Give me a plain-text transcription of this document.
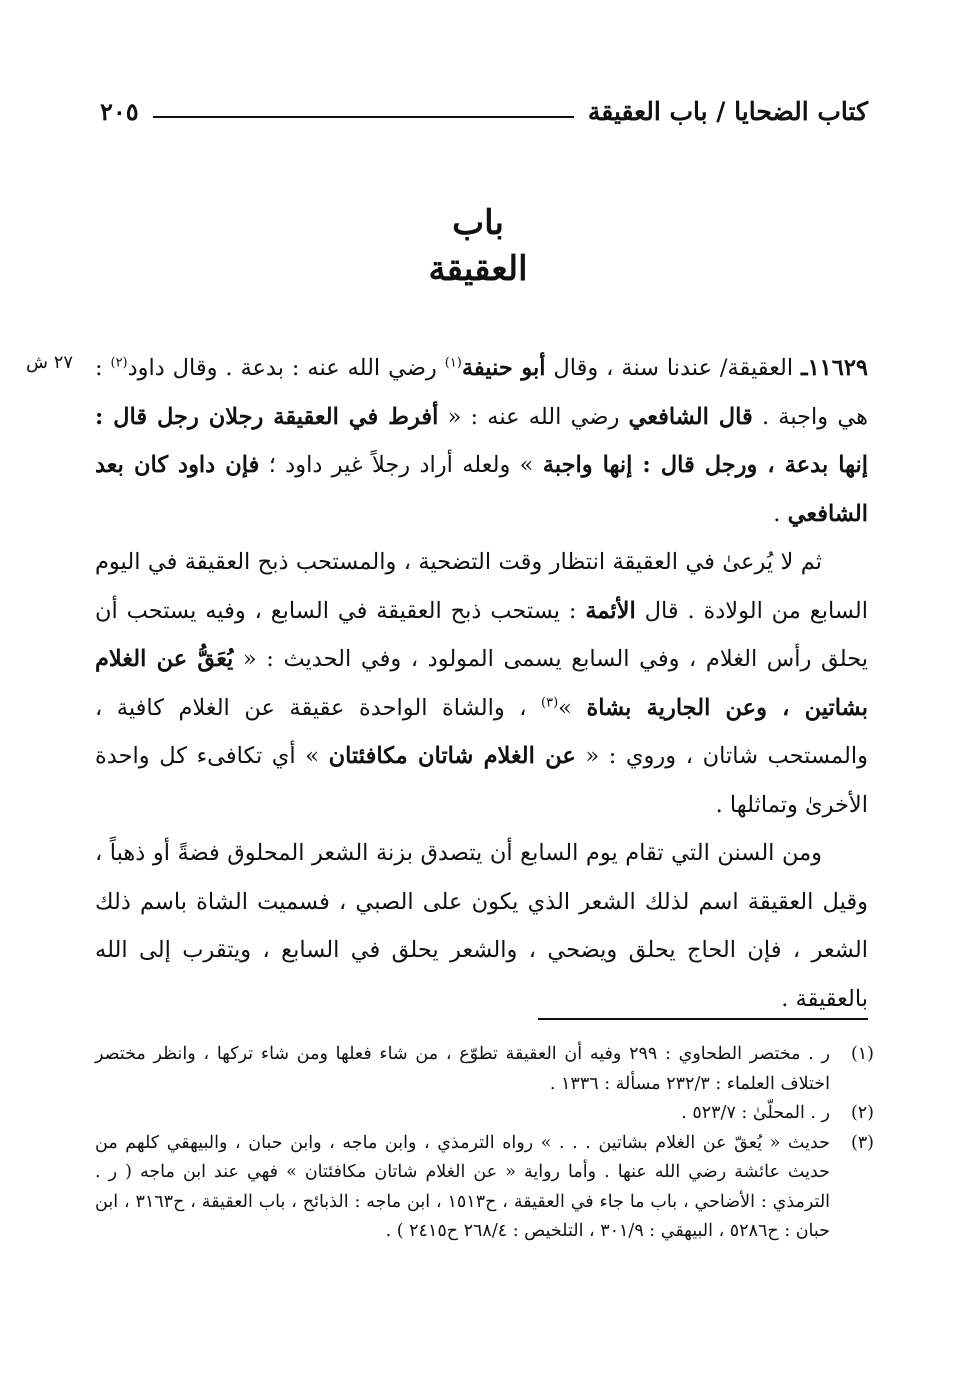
كتاب الضحايا / باب العقيقة
٢٠٥
باب
العقيقة
٢٧ ش	١١٦٢٩ـ العقيقة/ عندنا سنة ، وقال أبو حنيفة$^{(١)}$ رضي الله عنه : بدعة . وقال داود$^{(٢)}$ : هي واجبة . قال الشافعي رضي الله عنه : « أفرط في العقيقة رجلان رجل قال : إنها بدعة ، ورجل قال : إنها واجبة » ولعله أراد رجلاً غير داود ؛ فإن داود كان بعد الشافعي .

ثم لا يُرعىٰ في العقيقة انتظار وقت التضحية ، والمستحب ذبح العقيقة في اليوم السابع من الولادة . قال الأئمة : يستحب ذبح العقيقة في السابع ، وفيه يستحب أن يحلق رأس الغلام ، وفي السابع يسمى المولود ، وفي الحديث : « يُعَقُّ عن الغلام بشاتين ، وعن الجارية بشاة »$^{(٣)}$ ، والشاة الواحدة عقيقة عن الغلام كافية ، والمستحب شاتان ، وروي : « عن الغلام شاتان مكافئتان » أي تكافىء كل واحدة الأخرىٰ وتماثلها .

ومن السنن التي تقام يوم السابع أن يتصدق بزنة الشعر المحلوق فضةً أو ذهباً ، وقيل العقيقة اسم لذلك الشعر الذي يكون على الصبي ، فسميت الشاة باسم ذلك الشعر ، فإن الحاج يحلق ويضحي ، والشعر يحلق في السابع ، ويتقرب إلى الله بالعقيقة .

(١)
ر . مختصر الطحاوي : ٢٩٩ وفيه أن العقيقة تطوّع ، من شاء فعلها ومن شاء تركها ، وانظر مختصر اختلاف العلماء : ٢٣٢/٣ مسألة : ١٣٣٦ .
(٢)
ر . المحلّىٰ : ٥٢٣/٧ .
(٣)
حديث « يُعقّ عن الغلام بشاتين . . . » رواه الترمذي ، وابن ماجه ، وابن حبان ، والبيهقي كلهم من حديث عائشة رضي الله عنها . وأما رواية « عن الغلام شاتان مكافئتان » فهي عند ابن ماجه ( ر . الترمذي : الأضاحي ، باب ما جاء في العقيقة ، ح١٥١٣ ، ابن ماجه : الذبائح ، باب العقيقة ، ح٣١٦٣ ، ابن حبان : ح٥٢٨٦ ، البيهقي : ٣٠١/٩ ، التلخيص : ٢٦٨/٤ ح٢٤١٥ ) .
